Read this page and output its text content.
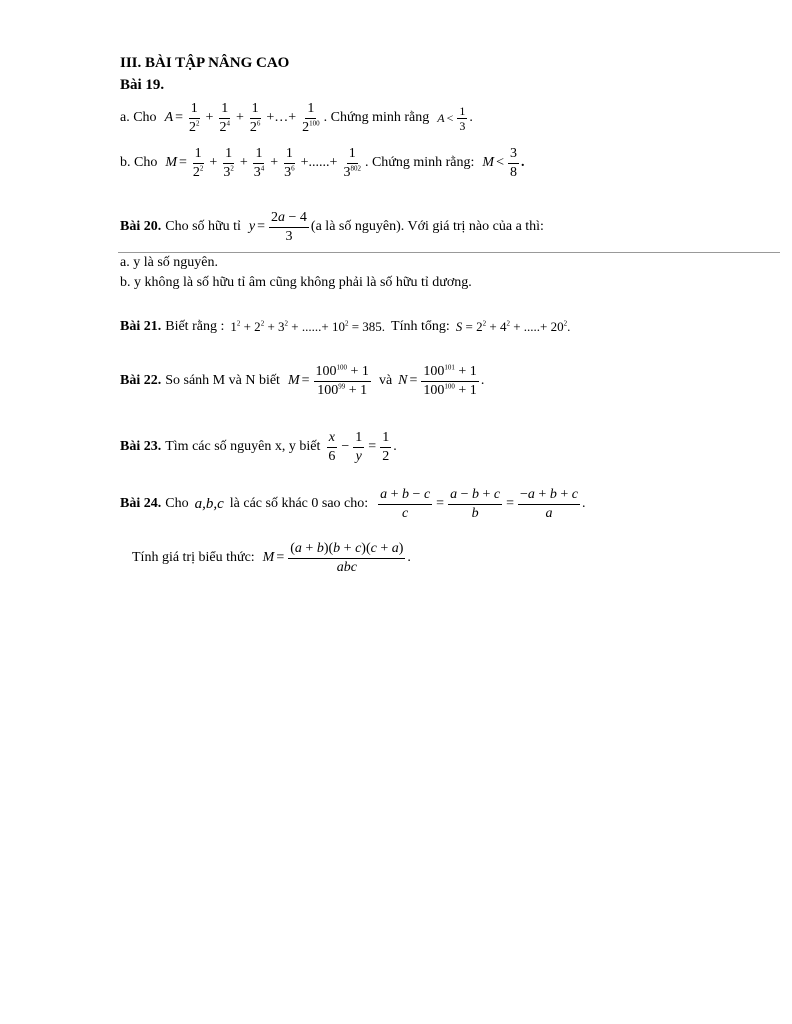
III. BÀI TẬP NÂNG CAO
Bài 19.
a. Cho $A = \frac{1}{2^2} + \frac{1}{2^4} + \frac{1}{2^6}$ +…+ $\frac{1}{2^{100}}$ . Chứng minh rằng $A < \frac{1}{3}$ .
b. Cho $M = \frac{1}{2^2} + \frac{1}{3^2} + \frac{1}{3^4} + \frac{1}{3^6}$ +......+ $\frac{1}{3^{802}}$ . Chứng minh rằng: $M < \frac{3}{8}$ .
Bài 20. Cho số hữu tỉ $y = \frac{2a - 4}{3} (a$ là số nguyên). Với giá trị nào của a thì:
a. y là số nguyên.
b. y không là số hữu tỉ âm cũng không phải là số hữu tỉ dương.
Bài 21. Biết rằng : $1^2 + 2^2 + 3^2$ + ......+ $10^2 = 385$. Tính tổng: $S = 2^2 + 4^2$ + .....+ $20^2$.
Bài 22. So sánh M và N biết $M = \frac{100^{100} + 1}{100^{99} + 1}$ và $N = \frac{100^{101} + 1}{100^{100} + 1}$ .
Bài 23. Tìm các số nguyên x, y biết $\frac{x}{6} - \frac{1}{y} = \frac{1}{2}$ .
Bài 24. Cho a,b,c là các số khác 0 sao cho: $\frac{a + b - c}{c} = \frac{a - b + c}{b} = \frac{-a + b + c}{a}$ .
Tính giá trị biểu thức: $M = \frac{(a + b)(b + c)(c + a)}{\text{abc}}$ .
